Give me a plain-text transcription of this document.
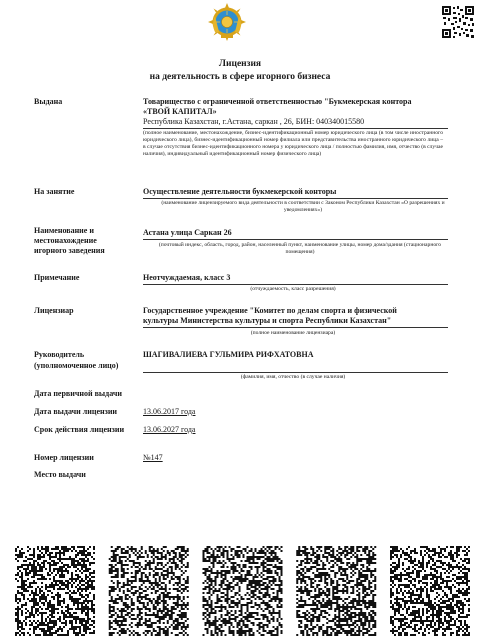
Лицензия
на деятельность в сфере игорного бизнеса
Выдана	Товарищество с ограниченной ответственностью "Букмекерская контора
«ТВОЙ КАПИТАЛ»
Республика Казахстан, г.Астана, саркан , 26, БИН: 040340015580
(полное наименование, местонахождение, бизнес-идентификационный номер юридического лица (в том числе иностранного юридического лица), бизнес-идентификационный номер филиала или представительства иностранного юридического лица – в случае отсутствия бизнес-идентификационного номера у юридического лица / полностью фамилия, имя, отчество (в случае наличия), индивидуальный идентификационный номер физического лица)
На занятие	Осуществление деятельности букмекерской конторы
(наименование лицензируемого вида деятельности в соответствии с Законом Республики Казахстан «О разрешениях и уведомлениях»)
Наименование и
местонахождение
игорного заведения
Астана улица Саркан 26
(почтовый индекс, область, город, район, населенный пункт, наименование улицы, номер дома/здания (стационарного помещения)
Примечание	Неотчуждаемая, класс 3
(отчуждаемость, класс разрешения)
Лицензиар	Государственное учреждение "Комитет по делам спорта и физической
культуры Министерства культуры и спорта Республики Казахстан"
(полное наименование лицензиара)
Руководитель
(уполномоченное лицо)
ШАГИВАЛИЕВА ГУЛЬМИРА РИФХАТОВНА
(фамилия, имя, отчество (в случае наличия)
Дата первичной выдачи
Дата выдачи лицензии	13.06.2017 года
Срок действия лицензии 13.06.2027 года
Номер лицензии	№147
Место выдачи
